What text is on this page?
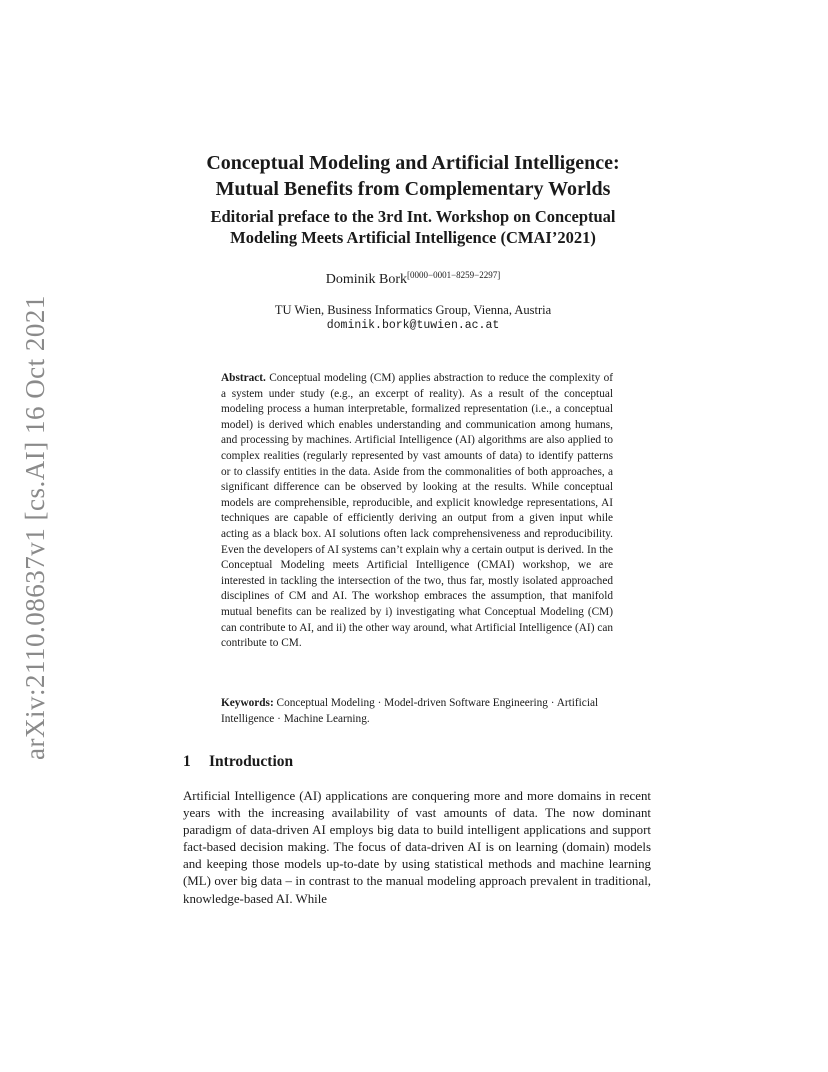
arXiv:2110.08637v1 [cs.AI] 16 Oct 2021
Conceptual Modeling and Artificial Intelligence:
Mutual Benefits from Complementary Worlds
Editorial preface to the 3rd Int. Workshop on Conceptual
Modeling Meets Artificial Intelligence (CMAI’2021)
Dominik Bork[0000−0001−8259−2297]
TU Wien, Business Informatics Group, Vienna, Austria
dominik.bork@tuwien.ac.at
Abstract. Conceptual modeling (CM) applies abstraction to reduce the complexity of a system under study (e.g., an excerpt of reality). As a result of the conceptual modeling process a human interpretable, formalized representation (i.e., a conceptual model) is derived which enables understanding and communication among humans, and processing by machines. Artificial Intelligence (AI) algorithms are also applied to complex realities (regularly represented by vast amounts of data) to identify patterns or to classify entities in the data. Aside from the commonalities of both approaches, a significant difference can be observed by looking at the results. While conceptual models are comprehensible, reproducible, and explicit knowledge representations, AI techniques are capable of efficiently deriving an output from a given input while acting as a black box. AI solutions often lack comprehensiveness and reproducibility. Even the developers of AI systems can’t explain why a certain output is derived. In the Conceptual Modeling meets Artificial Intelligence (CMAI) workshop, we are interested in tackling the intersection of the two, thus far, mostly isolated approached disciplines of CM and AI. The workshop embraces the assumption, that manifold mutual benefits can be realized by i) investigating what Conceptual Modeling (CM) can contribute to AI, and ii) the other way around, what Artificial Intelligence (AI) can contribute to CM.
Keywords: Conceptual Modeling · Model-driven Software Engineering · Artificial Intelligence · Machine Learning.
1 Introduction
Artificial Intelligence (AI) applications are conquering more and more domains in recent years with the increasing availability of vast amounts of data. The now dominant paradigm of data-driven AI employs big data to build intelligent applications and support fact-based decision making. The focus of data-driven AI is on learning (domain) models and keeping those models up-to-date by using statistical methods and machine learning (ML) over big data – in contrast to the manual modeling approach prevalent in traditional, knowledge-based AI. While
